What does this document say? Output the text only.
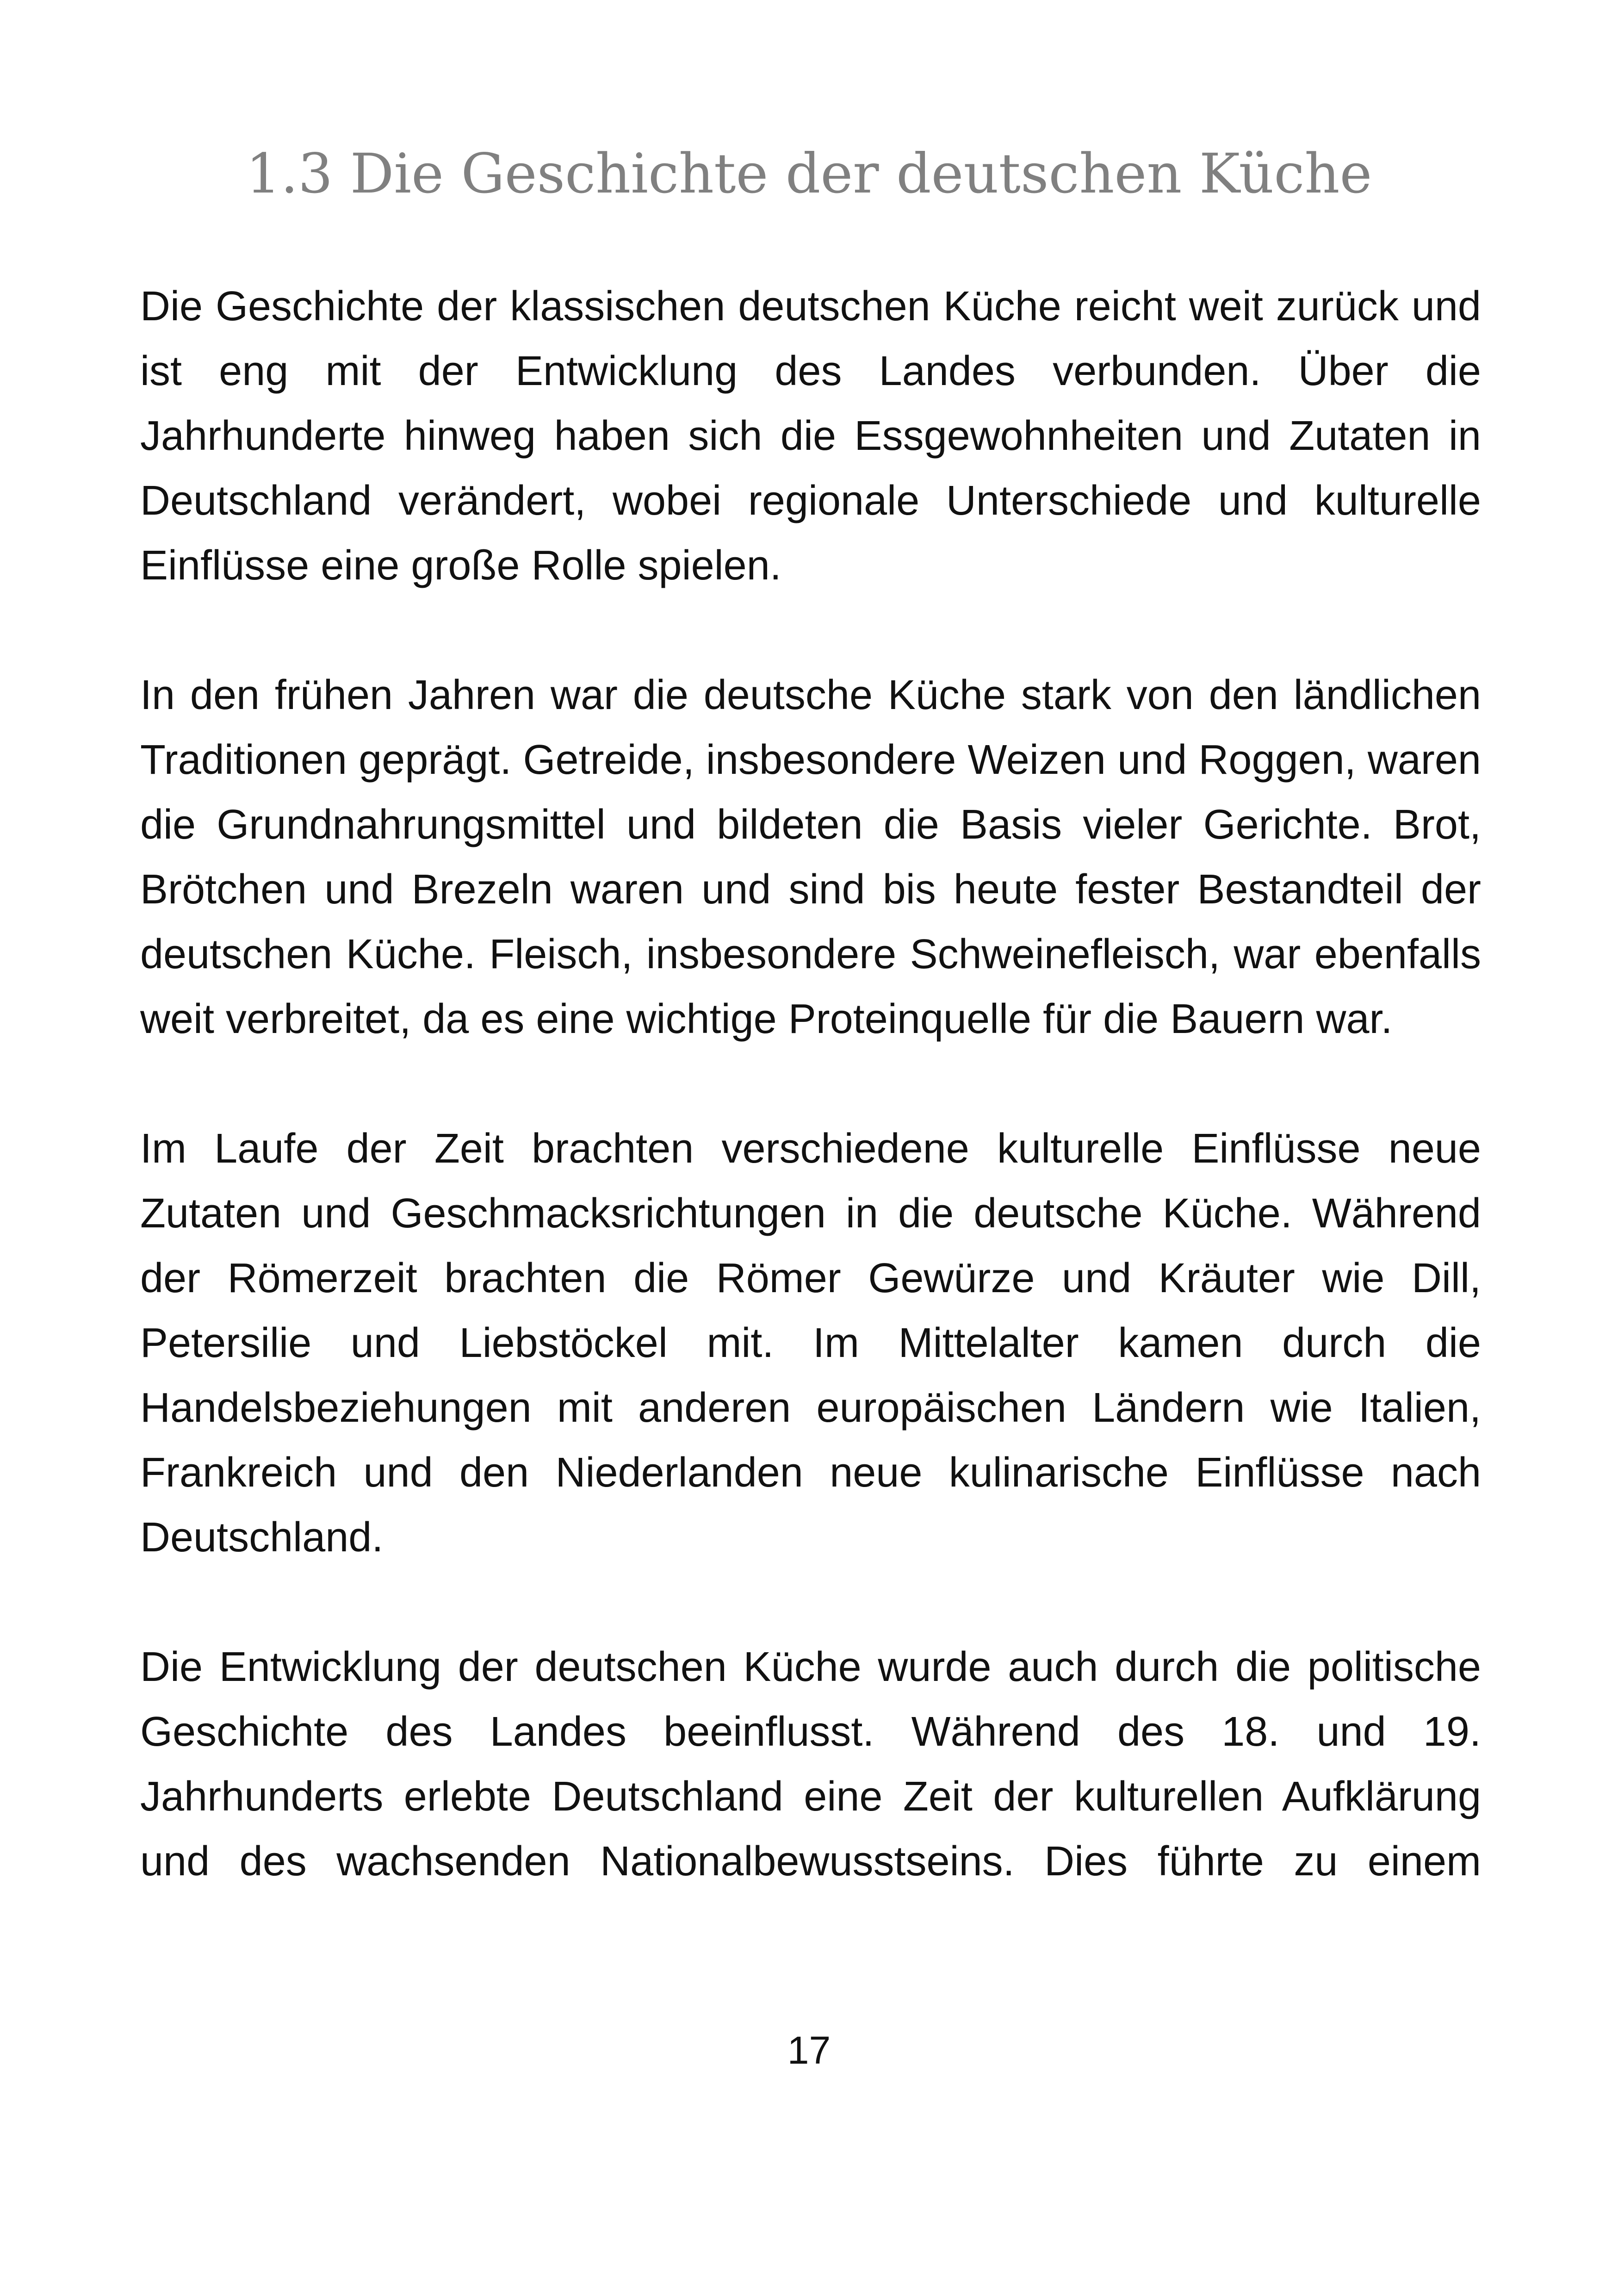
1.3 Die Geschichte der deutschen Küche

Die Geschichte der klassischen deutschen Küche reicht weit zurück und ist eng mit der Entwicklung des Landes verbunden. Über die Jahrhunderte hinweg haben sich die Essgewohnheiten und Zutaten in Deutschland verändert, wobei regionale Unterschiede und kulturelle Einflüsse eine große Rolle spielen.

In den frühen Jahren war die deutsche Küche stark von den ländlichen Traditionen geprägt. Getreide, insbesondere Weizen und Roggen, waren die Grundnahrungsmittel und bildeten die Basis vieler Gerichte. Brot, Brötchen und Brezeln waren und sind bis heute fester Bestandteil der deutschen Küche. Fleisch, insbesondere Schweinefleisch, war ebenfalls weit verbreitet, da es eine wichtige Proteinquelle für die Bauern war.

Im Laufe der Zeit brachten verschiedene kulturelle Einflüsse neue Zutaten und Geschmacksrichtungen in die deutsche Küche. Während der Römerzeit brachten die Römer Gewürze und Kräuter wie Dill, Petersilie und Liebstöckel mit. Im Mittelalter kamen durch die Handelsbeziehungen mit anderen europäischen Ländern wie Italien, Frankreich und den Niederlanden neue kulinarische Einflüsse nach Deutschland.

Die Entwicklung der deutschen Küche wurde auch durch die politische Geschichte des Landes beeinflusst. Während des 18. und 19. Jahrhunderts erlebte Deutschland eine Zeit der kulturellen Aufklärung und des wachsenden Nationalbewusstseins. Dies führte zu einem

17
